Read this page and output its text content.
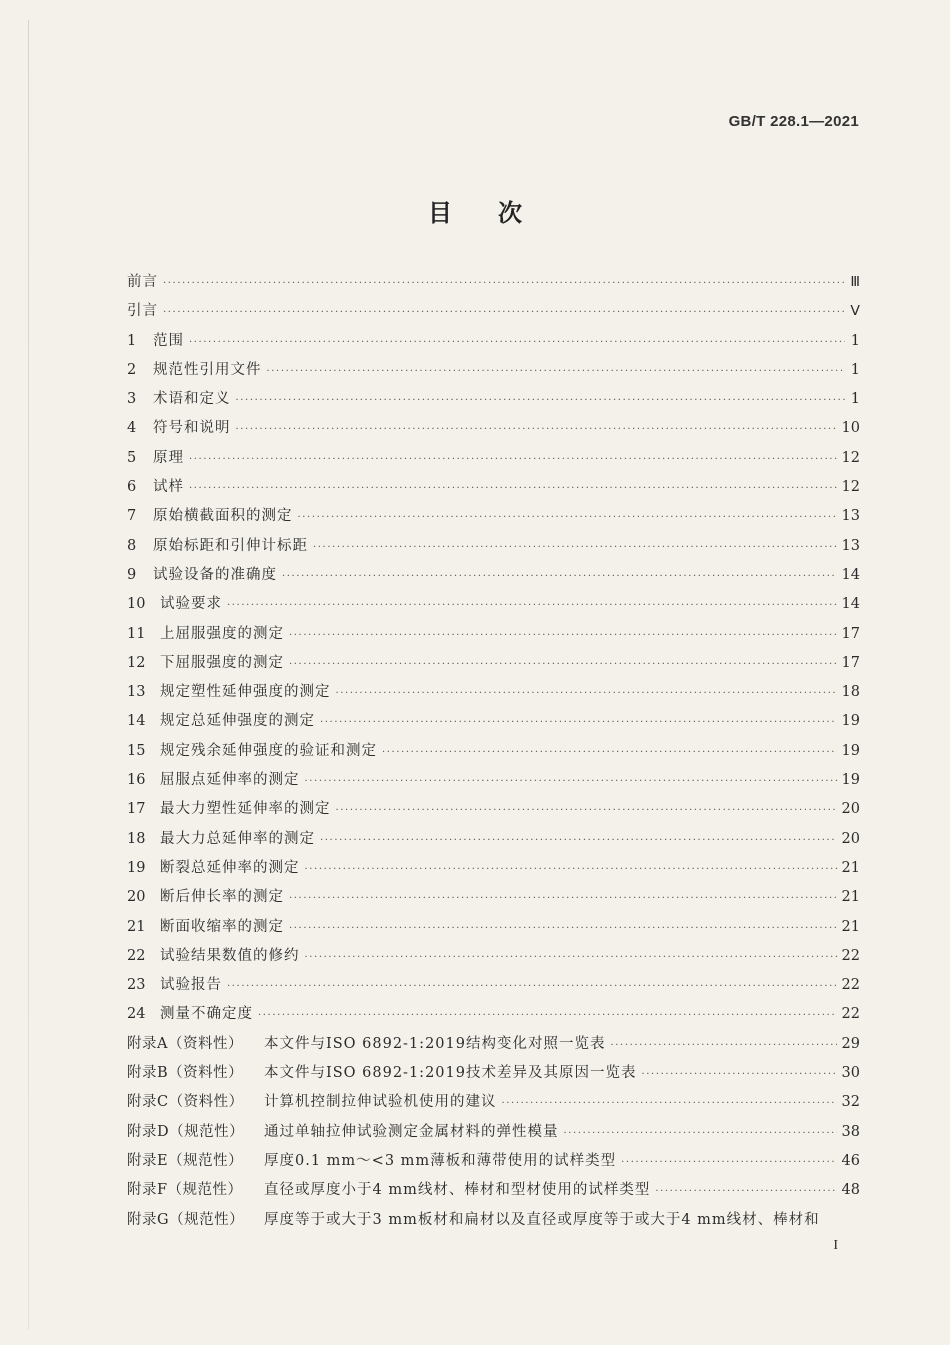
GB/T 228.1—2021
目次
前言 ·····	Ⅲ
引言 ·····	Ⅴ
1	范围 ·····	1
2	规范性引用文件 ·····	1
3	术语和定义 ·····	1
4	符号和说明 ·····	10
5	原理 ·····	12
6	试样 ·····	12
7	原始横截面积的测定 ·····	13
8	原始标距和引伸计标距 ·····	13
9	试验设备的准确度 ·····	14
10	试验要求 ·····	14
11	上屈服强度的测定 ·····	17
12	下屈服强度的测定 ·····	17
13	规定塑性延伸强度的测定 ·····	18
14	规定总延伸强度的测定 ·····	19
15	规定残余延伸强度的验证和测定 ·····	19
16	屈服点延伸率的测定 ·····	19
17	最大力塑性延伸率的测定 ·····	20
18	最大力总延伸率的测定 ·····	20
19	断裂总延伸率的测定 ·····	21
20	断后伸长率的测定 ·····	21
21	断面收缩率的测定 ·····	21
22	试验结果数值的修约 ·····	22
23	试验报告 ·····	22
24	测量不确定度 ·····	22
附录A（资料性）	本文件与ISO 6892-1:2019结构变化对照一览表 ·····	29
附录B（资料性）	本文件与ISO 6892-1:2019技术差异及其原因一览表 ·····	30
附录C（资料性）	计算机控制拉伸试验机使用的建议 ·····	32
附录D（规范性）	通过单轴拉伸试验测定金属材料的弹性模量 ·····	38
附录E（规范性）	厚度0.1 mm～<3 mm薄板和薄带使用的试样类型 ·····	46
附录F（规范性）	直径或厚度小于4 mm线材、棒材和型材使用的试样类型 ·····	48
附录G（规范性）	厚度等于或大于3 mm板材和扁材以及直径或厚度等于或大于4 mm线材、棒材和
I
